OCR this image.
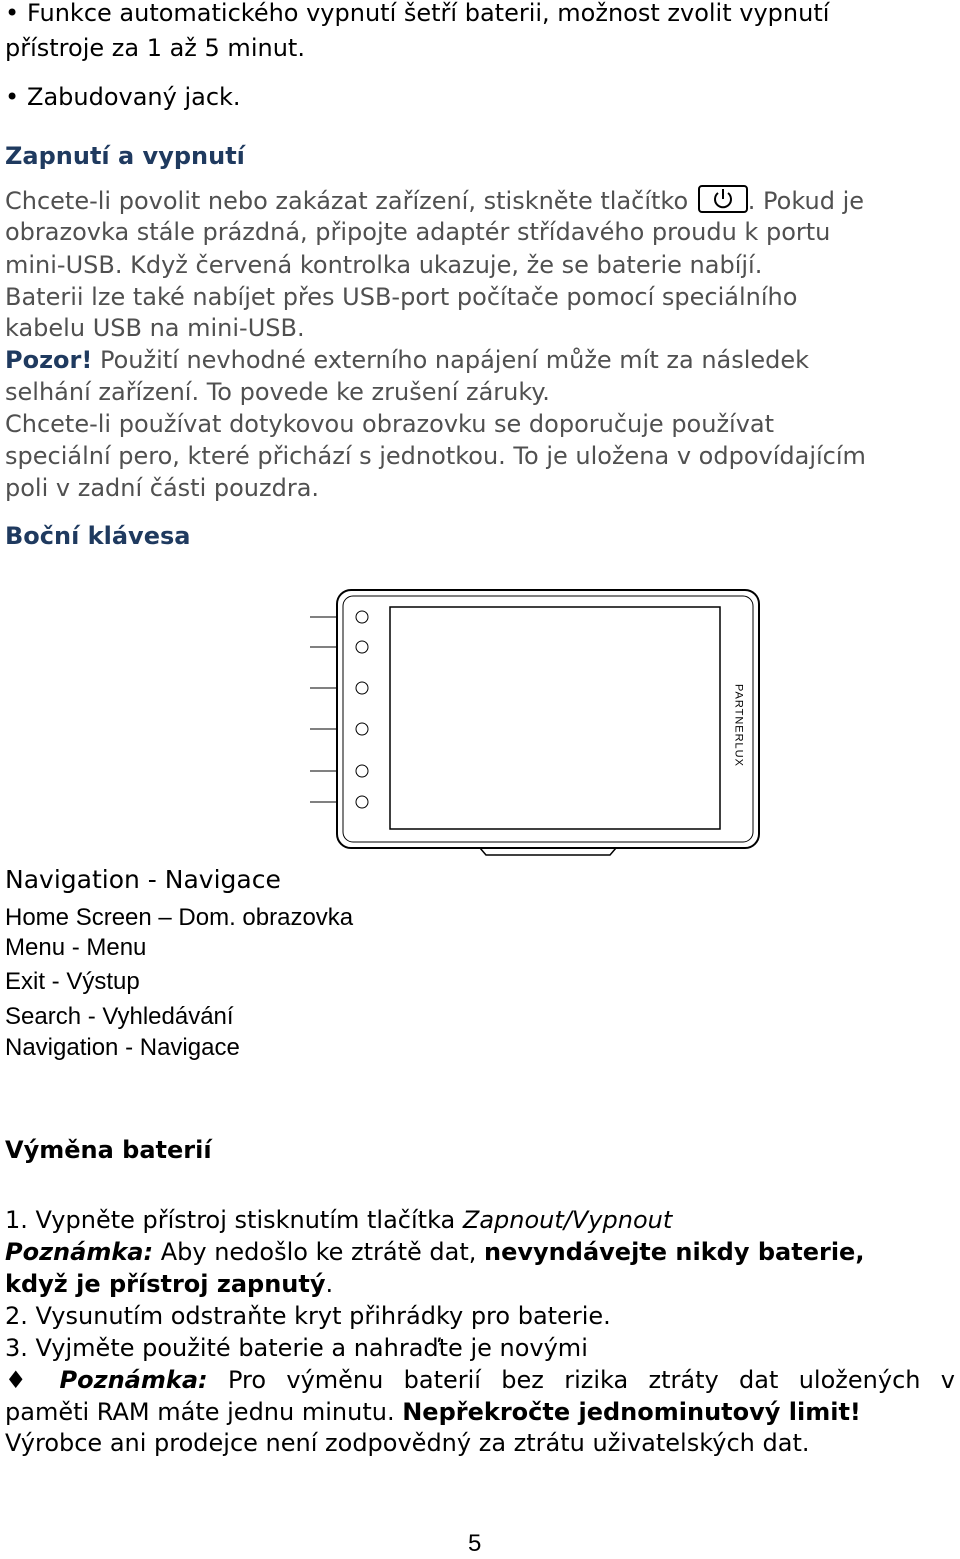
• Funkce automatického vypnutí šetří baterii, možnost zvolit vypnutí
přístroje za 1 až 5 minut.
• Zabudovaný jack.
Zapnutí a vypnutí
Chcete-li povolit nebo zakázat zařízení, stiskněte tlačítko . Pokud je
obrazovka stále prázdná, připojte adaptér střídavého proudu k portu
mini-USB. Když červená kontrolka ukazuje, že se baterie nabíjí.
Baterii lze také nabíjet přes USB-port počítače pomocí speciálního
kabelu USB na mini-USB.
Pozor! Použití nevhodné externího napájení může mít za následek
selhání zařízení. To povede ke zrušení záruky.
Chcete-li používat dotykovou obrazovku se doporučuje používat
speciální pero, které přichází s jednotkou. To je uložena v odpovídajícím
poli v zadní části pouzdra.
Boční klávesa
PARTNERLUX
Navigation - Navigace
Home Screen – Dom. obrazovka
Menu - Menu
Exit - Výstup
Search - Vyhledávání
Navigation - Navigace
Výměna baterií
1. Vypněte přístroj stisknutím tlačítka Zapnout/Vypnout
Poznámka: Aby nedošlo ke ztrátě dat, nevyndávejte nikdy baterie,
když je přístroj zapnutý.
2. Vysunutím odstraňte kryt přihrádky pro baterie.
3. Vyjměte použité baterie a nahraďte je novými
♦ Poznámka: Pro výměnu baterií bez rizika ztráty dat uložených v
paměti RAM máte jednu minutu. Nepřekročte jednominutový limit!
Výrobce ani prodejce není zodpovědný za ztrátu uživatelských dat.
5
